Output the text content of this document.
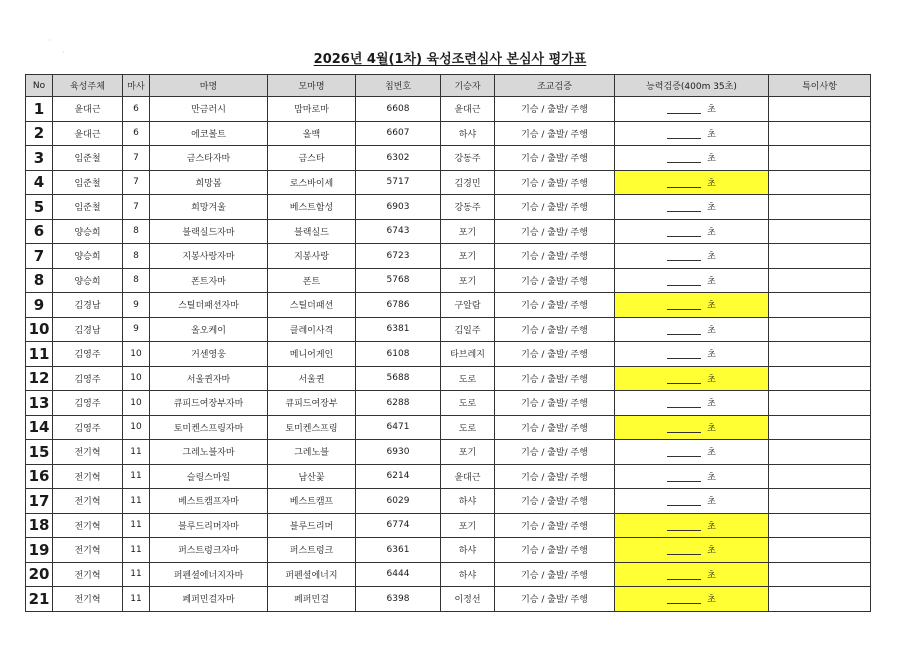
·
·	2026년 4월(1차) 육성조련심사 본심사 평가표
No	육성주체	마사	마명	모마명	칩번호	기승자	조교검증	능력검증(400m 35초)	특이사항
1	윤대근	6	만금러시	맘마로마	6608	윤대근	기승 / 출발/ 주행	초	
2	윤대근	6	에코볼트	올백	6607	하샤	기승 / 출발/ 주행	초	
3	임준철	7	금스타자마	금스타	6302	강동주	기승 / 출발/ 주행	초	
4	임준철	7	희망봄	로스바이세	5717	김경민	기승 / 출발/ 주행	초	
5	임준철	7	희망겨울	베스트함성	6903	강동주	기승 / 출발/ 주행	초	
6	양승희	8	블랙실드자마	블랙실드	6743	포기	기승 / 출발/ 주행	초	
7	양승희	8	지봉사랑자마	지봉사랑	6723	포기	기승 / 출발/ 주행	초	
8	양승희	8	폰트자마	폰트	5768	포기	기승 / 출발/ 주행	초	
9	김경남	9	스틸더패션자마	스틸더패션	6786	구알람	기승 / 출발/ 주행	초	
10	김경남	9	올오케이	클레이사격	6381	김일주	기승 / 출발/ 주행	초	
11	김영주	10	거센영웅	메니어게인	6108	타브레지	기승 / 출발/ 주행	초	
12	김영주	10	서울퀸자마	서울퀸	5688	도로	기승 / 출발/ 주행	초	
13	김영주	10	큐피드여장부자마	큐피드여장부	6288	도로	기승 / 출발/ 주행	초	
14	김영주	10	토미켄스프링자마	토미켄스프링	6471	도로	기승 / 출발/ 주행	초	
15	전기혁	11	그레노블자마	그레노블	6930	포기	기승 / 출발/ 주행	초	
16	전기혁	11	슬링스마일	남산꽃	6214	윤대근	기승 / 출발/ 주행	초	
17	전기혁	11	베스트캠프자마	베스트캠프	6029	하샤	기승 / 출발/ 주행	초	
18	전기혁	11	블루드리머자마	블루드리머	6774	포기	기승 / 출발/ 주행	초	
19	전기혁	11	퍼스트렁크자마	퍼스트렁크	6361	하샤	기승 / 출발/ 주행	초	
20	전기혁	11	퍼펜셜에너지자마	퍼펜셜에너지	6444	하샤	기승 / 출발/ 주행	초	
21	전기혁	11	페퍼민걸자마	페퍼민걸	6398	이정선	기승 / 출발/ 주행	초	
